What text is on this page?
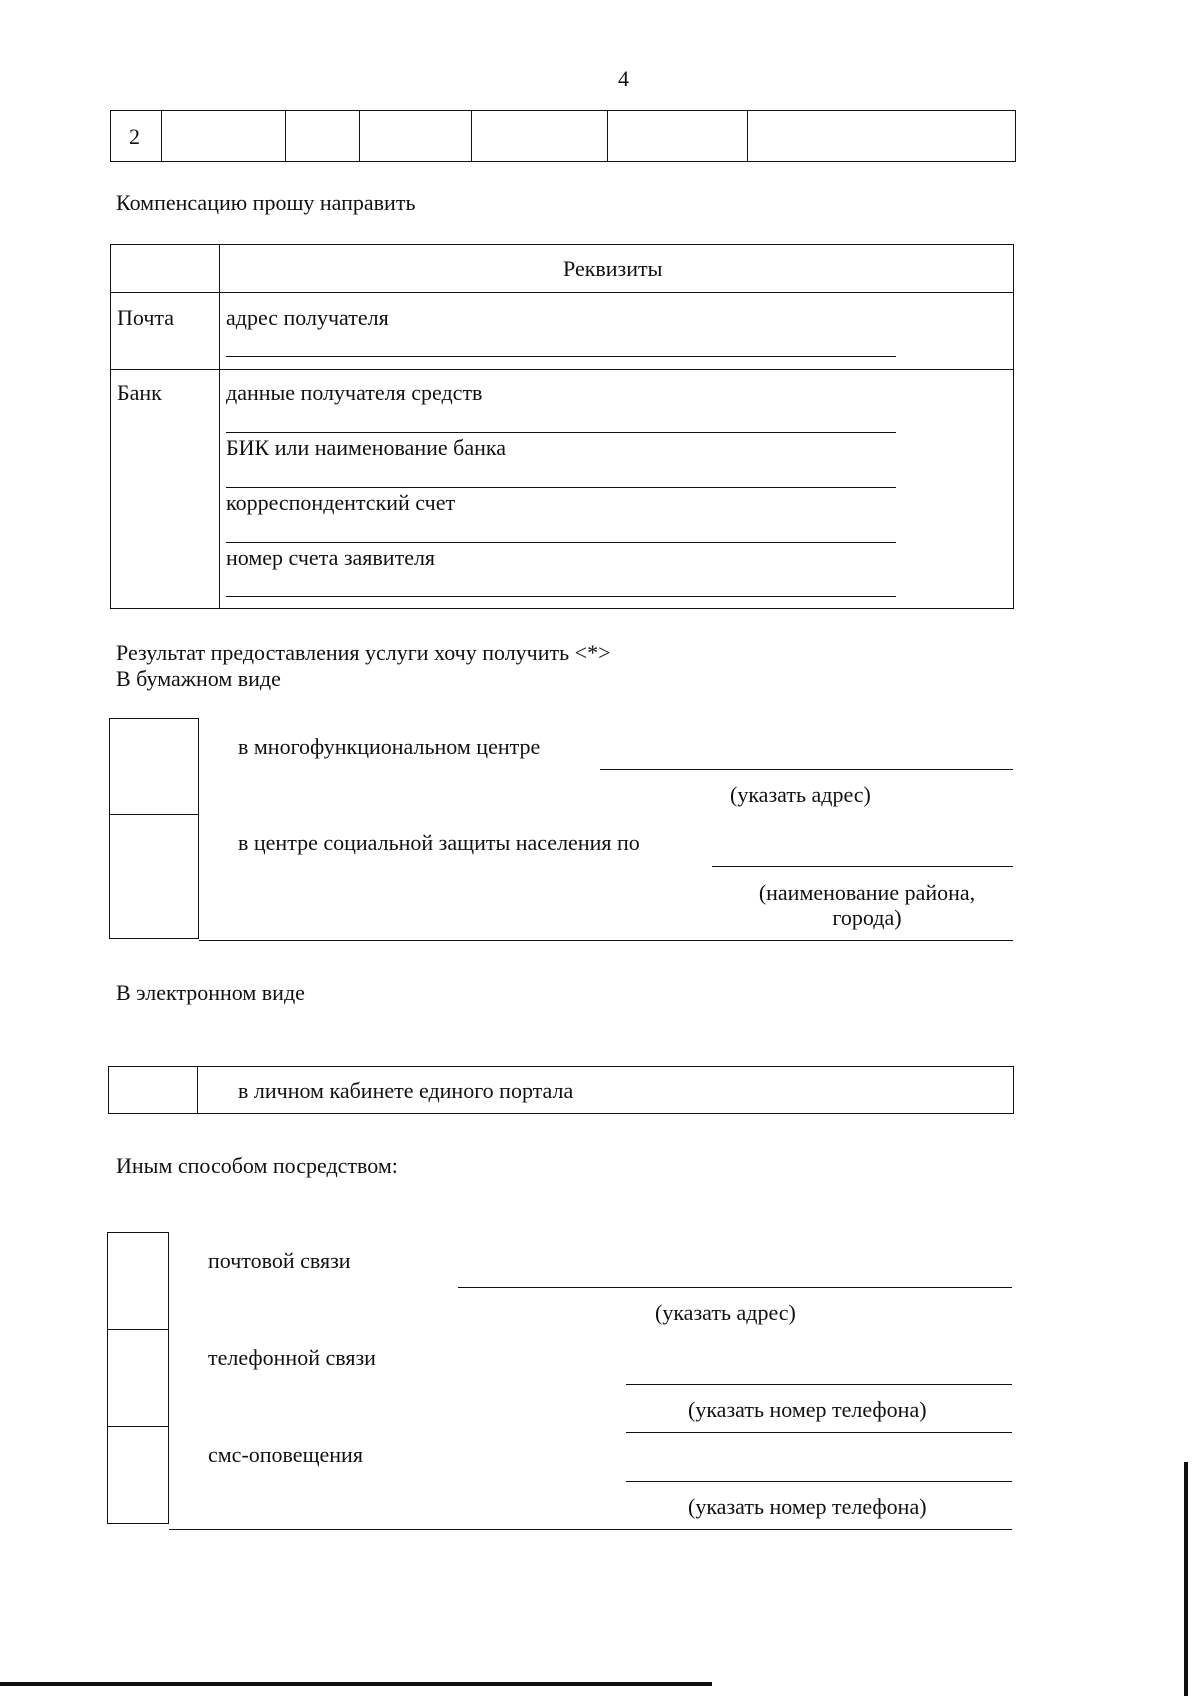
4
2
Компенсацию прошу направить
Реквизиты
Почта адрес получателя
Банк	данные получателя средств
БИК или наименование банка
корреспондентский счет
номер счета заявителя
Результат предоставления услуги хочу получить <*>
В бумажном виде
в многофункциональном центре
(указать адрес)
в центре социальной защиты населения по
(наименование района, города)
В электронном виде
в личном кабинете единого портала
Иным способом посредством:
почтовой связи
(указать адрес)
телефонной связи
(указать номер телефона)
смс-оповещения
(указать номер телефона)
